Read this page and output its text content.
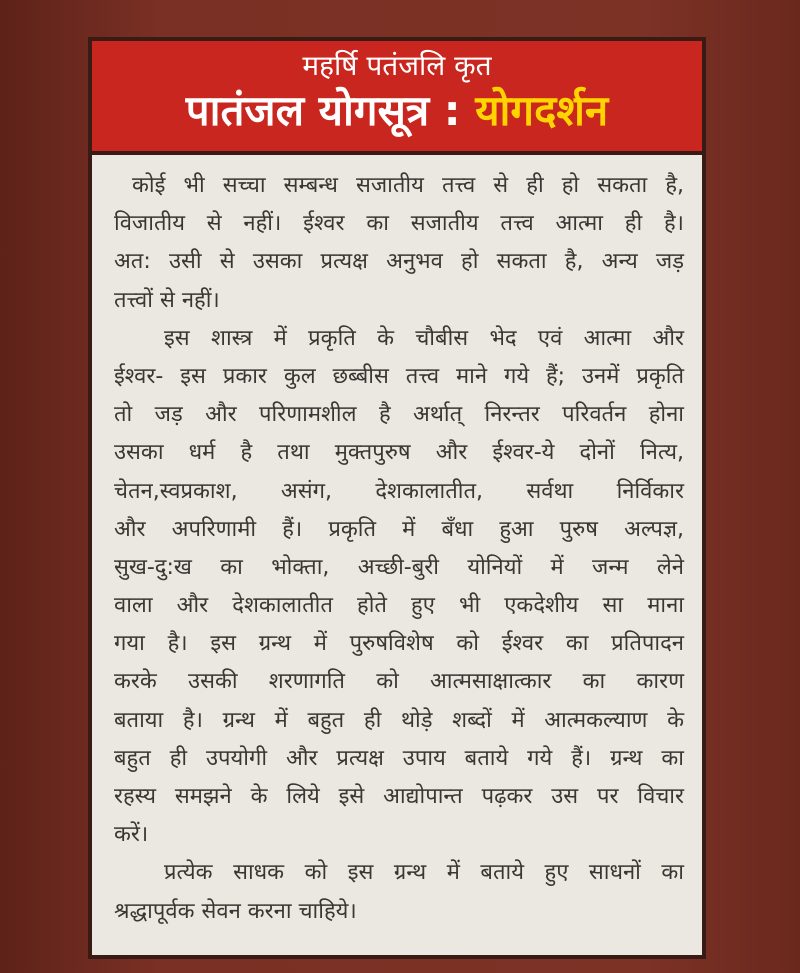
महर्षि पतंजलि कृत
पातंजल योगसूत्र : योगदर्शन
कोई भी सच्चा सम्बन्ध सजातीय तत्त्व से ही हो सकता है,
विजातीय से नहीं। ईश्वर का सजातीय तत्त्व आत्मा ही है।
अत: उसी से उसका प्रत्यक्ष अनुभव हो सकता है, अन्य जड़
तत्त्वों से नहीं।
इस शास्त्र में प्रकृति के चौबीस भेद एवं आत्मा और
ईश्वर- इस प्रकार कुल छब्बीस तत्त्व माने गये हैं; उनमें प्रकृति
तो जड़ और परिणामशील है अर्थात् निरन्तर परिवर्तन होना
उसका धर्म है तथा मुक्तपुरुष और ईश्वर-ये दोनों नित्य,
चेतन,स्वप्रकाश, असंग, देशकालातीत, सर्वथा निर्विकार
और अपरिणामी हैं। प्रकृति में बँधा हुआ पुरुष अल्पज्ञ,
सुख-दु:ख का भोक्ता, अच्छी-बुरी योनियों में जन्म लेने
वाला और देशकालातीत होते हुए भी एकदेशीय सा माना
गया है। इस ग्रन्थ में पुरुषविशेष को ईश्वर का प्रतिपादन
करके उसकी शरणागति को आत्मसाक्षात्कार का कारण
बताया है। ग्रन्थ में बहुत ही थोड़े शब्दों में आत्मकल्याण के
बहुत ही उपयोगी और प्रत्यक्ष उपाय बताये गये हैं। ग्रन्थ का
रहस्य समझने के लिये इसे आद्योपान्त पढ़कर उस पर विचार
करें।
प्रत्येक साधक को इस ग्रन्थ में बताये हुए साधनों का
श्रद्धापूर्वक सेवन करना चाहिये।
